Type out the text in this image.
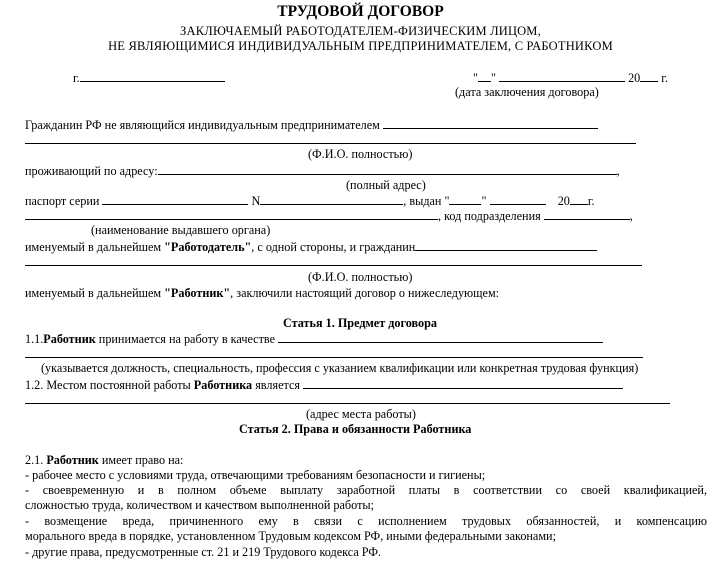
ТРУДОВОЙ ДОГОВОР
ЗАКЛЮЧАЕМЫЙ РАБОТОДАТЕЛЕМ-ФИЗИЧЕСКИМ ЛИЦОМ,
НЕ ЯВЛЯЮЩИМИСЯ ИНДИВИДУАЛЬНЫМ ПРЕДПРИНИМАТЕЛЕМ, С РАБОТНИКОМ
г.	" "	20 г.
(дата заключения договора)
Гражданин РФ не являющийся индивидуальным предпринимателем
(Ф.И.О. полностью)
проживающий по адресу:	,
(полный адрес)
паспорт серии	N	, выдан "	"	20 г.
, код подразделения	,
(наименование выдавшего органа)
именуемый в дальнейшем "Работодатель", с одной стороны, и гражданин
(Ф.И.О. полностью)
именуемый в дальнейшем "Работник", заключили настоящий договор о нижеследующем:
Статья 1. Предмет договора
1.1.Работник принимается на работу в качестве
(указывается должность, специальность, профессия с указанием квалификации или конкретная трудовая функция)
1.2. Местом постоянной работы Работника является
(адрес места работы)
Статья 2. Права и обязанности Работника
2.1. Работник имеет право на:
- рабочее место с условиями труда, отвечающими требованиям безопасности и гигиены;
- своевременную и в полном объеме выплату заработной платы в соответствии со своей квалификацией,
сложностью труда, количеством и качеством выполненной работы;
- возмещение вреда, причиненного ему в связи с исполнением трудовых обязанностей, и компенсацию
морального вреда в порядке, установленном Трудовым кодексом РФ, иными федеральными законами;
- другие права, предусмотренные ст. 21 и 219 Трудового кодекса РФ.
